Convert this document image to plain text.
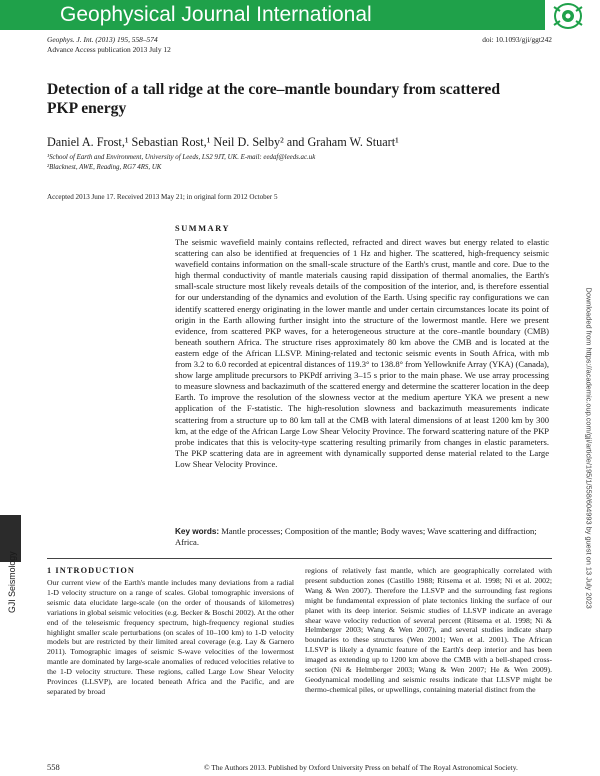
Geophysical Journal International
Geophys. J. Int. (2013) 195, 558–574
Advance Access publication 2013 July 12
doi: 10.1093/gji/ggt242
Detection of a tall ridge at the core–mantle boundary from scattered PKP energy
Daniel A. Frost,¹ Sebastian Rost,¹ Neil D. Selby² and Graham W. Stuart¹
¹School of Earth and Environment, University of Leeds, LS2 9JT, UK. E-mail: eedaf@leeds.ac.uk
²Blacknest, AWE, Reading, RG7 4RS, UK
Accepted 2013 June 17. Received 2013 May 21; in original form 2012 October 5
SUMMARY
The seismic wavefield mainly contains reflected, refracted and direct waves but energy related to elastic scattering can also be identified at frequencies of 1 Hz and higher. The scattered, high-frequency seismic wavefield contains information on the small-scale structure of the Earth's crust, mantle and core. Due to the high thermal conductivity of mantle materials causing rapid dissipation of thermal anomalies, the Earth's small-scale structure most likely reveals details of the composition of the interior, and, is therefore essential for our understanding of the dynamics and evolution of the Earth. Using specific ray configurations we can identify scattered energy originating in the lower mantle and under certain circumstances locate its point of origin in the Earth allowing further insight into the structure of the lowermost mantle. Here we present evidence, from scattered PKP waves, for a heterogeneous structure at the core–mantle boundary (CMB) beneath southern Africa. The structure rises approximately 80 km above the CMB and is located at the eastern edge of the African LLSVP. Mining-related and tectonic seismic events in South Africa, with mb from 3.2 to 6.0 recorded at epicentral distances of 119.3° to 138.8° from Yellowknife Array (YKA) (Canada), show large amplitude precursors to PKPdf arriving 3–15 s prior to the main phase. We use array processing to measure slowness and backazimuth of the scattered energy and determine the scatterer location in the deep Earth. To improve the resolution of the slowness vector at the medium aperture YKA we present a new application of the F-statistic. The high-resolution slowness and backazimuth measurements indicate scattering from a structure up to 80 km tall at the CMB with lateral dimensions of at least 1200 km by 300 km, at the edge of the African Large Low Shear Velocity Province. The forward scattering nature of the PKP probe indicates that this is velocity-type scattering resulting primarily from changes in elastic parameters. The PKP scattering data are in agreement with dynamically supported dense material related to the Large Low Shear Velocity Province.
Key words: Mantle processes; Composition of the mantle; Body waves; Wave scattering and diffraction; Africa.
1 INTRODUCTION
Our current view of the Earth's mantle includes many deviations from a radial 1-D velocity structure on a range of scales. Global tomographic inversions of seismic data elucidate large-scale (on the order of thousands of kilometres) variations in global seismic velocities (e.g. Becker & Boschi 2002). At the other end of the teleseismic frequency spectrum, high-frequency regional studies highlight smaller scale perturbations (on scales of 10–100 km) to 1-D velocity models but are restricted by their limited areal coverage (e.g. Lay & Garnero 2011). Tomographic images of seismic S-wave velocities of the lowermost mantle are dominated by large-scale anomalies of reduced velocities relative to the 1-D velocity structure. These regions, called Large Low Shear Velocity Provinces (LLSVP), are located beneath Africa and the Pacific, and are separated by broad
regions of relatively fast mantle, which are geographically correlated with present subduction zones (Castillo 1988; Ritsema et al. 1998; Ni et al. 2002; Wang & Wen 2007). Therefore the LLSVP and the surrounding fast regions might be fundamental expression of plate tectonics linking the surface of our planet with its deep interior. Seismic studies of LLSVP indicate an average shear wave velocity reduction of several percent (Ritsema et al. 1998; Ni & Helmberger 2003; Wang & Wen 2007), and several studies indicate sharp boundaries to these structures (Wen 2001; Wen et al. 2001). The African LLSVP is likely a dynamic feature of the Earth's deep interior and has been imaged as extending up to 1200 km above the CMB with a bell-shaped cross-section (Ni & Helmberger 2003; Wang & Wen 2007; He & Wen 2009). Geodynamical modelling and seismic results indicate that LLSVP might be thermo-chemical piles, or upwellings, containing material distinct from the
558	© The Authors 2013. Published by Oxford University Press on behalf of The Royal Astronomical Society.
GJI Seismology	Downloaded from https://academic.oup.com/gji/article/195/1/558/604993 by guest on 13 July 2023
